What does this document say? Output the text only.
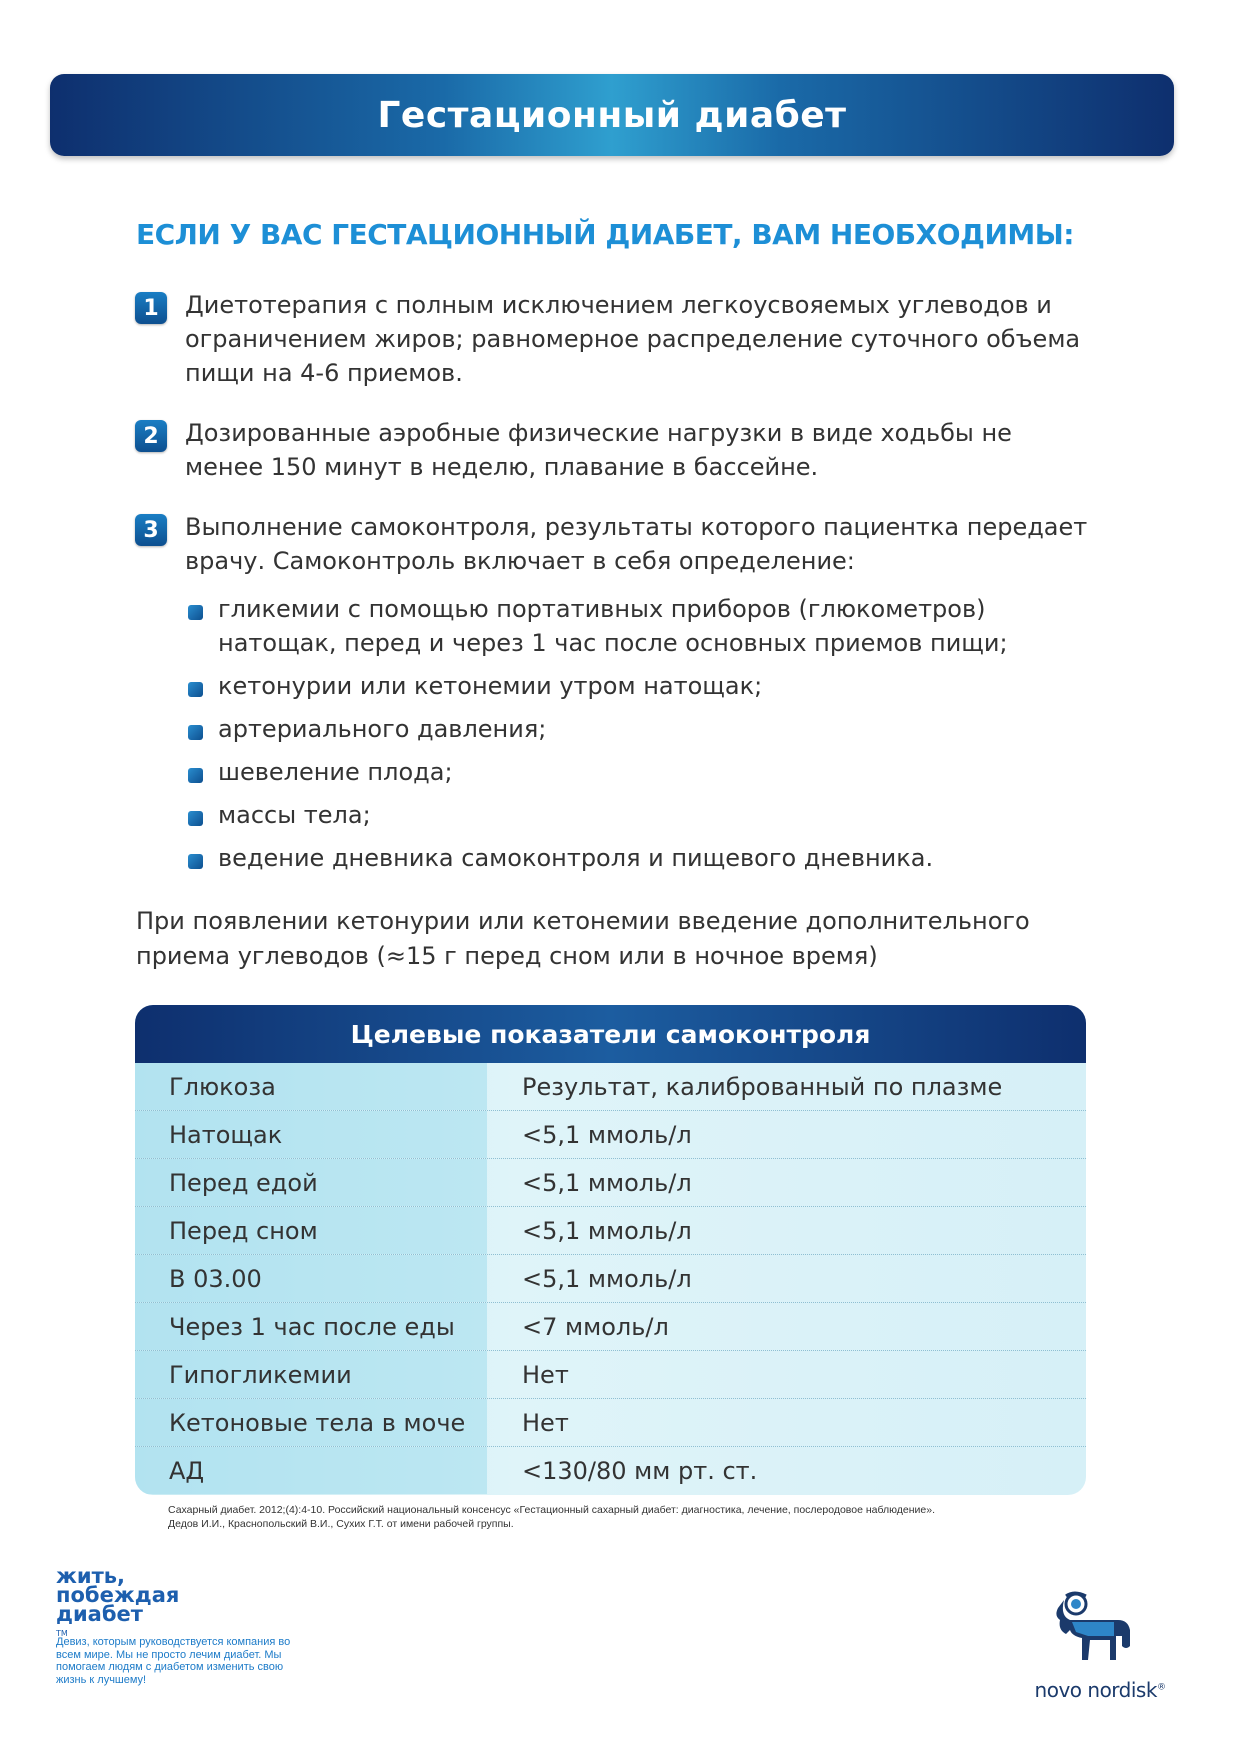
Гестационный диабет
ЕСЛИ У ВАС ГЕСТАЦИОННЫЙ ДИАБЕТ, ВАМ НЕОБХОДИМЫ:
1	Диетотерапия с полным исключением легкоусвояемых углеводов и ограничением жиров; равномерное распределение суточного объема пищи на 4-6 приемов.
2	Дозированные аэробные физические нагрузки в виде ходьбы не менее 150 минут в неделю, плавание в бассейне.
3	Выполнение самоконтроля, результаты которого пациентка передает врачу. Самоконтроль включает в себя определение:
гликемии с помощью портативных приборов (глюкометров) натощак, перед и через 1 час после основных приемов пищи;
кетонурии или кетонемии утром натощак;
артериального давления;
шевеление плода;
массы тела;
ведение дневника самоконтроля и пищевого дневника.
При появлении кетонурии или кетонемии введение дополнительного приема углеводов (≈15 г перед сном или в ночное время)
Целевые показатели самоконтроля
Глюкоза	Результат, калиброванный по плазме
Натощак	<5,1 ммоль/л
Перед едой	<5,1 ммоль/л
Перед сном	<5,1 ммоль/л
В 03.00	<5,1 ммоль/л
Через 1 час после еды	<7 ммоль/л
Гипогликемии	Нет
Кетоновые тела в моче	Нет
АД	<130/80 мм рт. ст.
Сахарный диабет. 2012;(4):4-10. Российский национальный консенсус «Гестационный сахарный диабет: диагностика, лечение, послеродовое наблюдение».
Дедов И.И., Краснопольский В.И., Сухих Г.Т. от имени рабочей группы.
жить,
побеждая
диабет
TM
Девиз, которым руководствуется компания во всем мире. Мы не просто лечим диабет. Мы помогаем людям с диабетом изменить свою жизнь к лучшему!	novo nordisk®
